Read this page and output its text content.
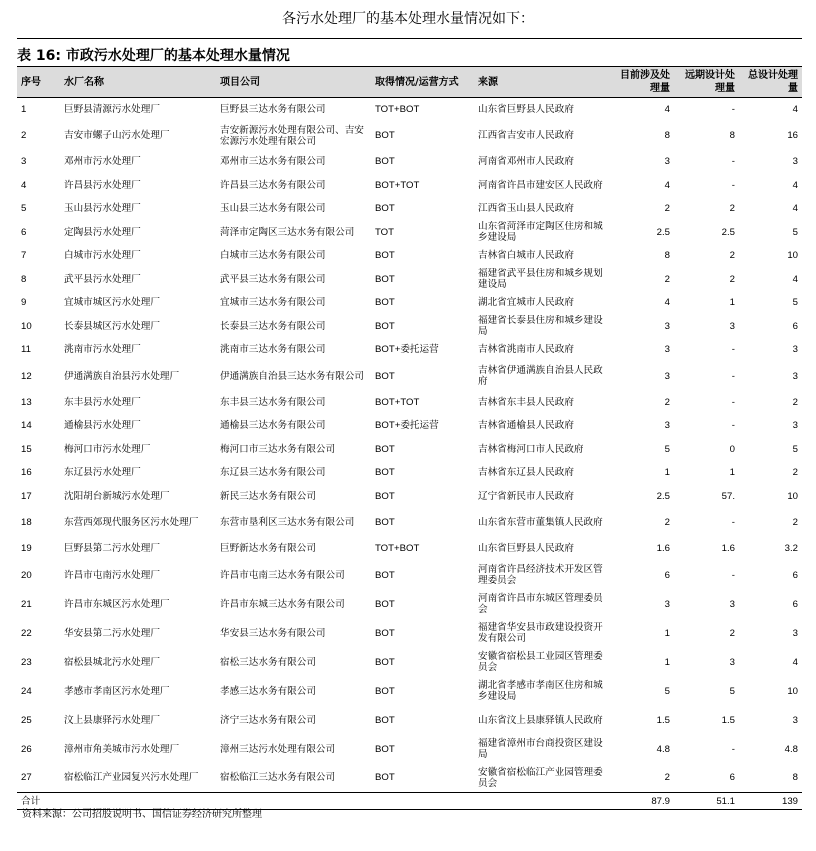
各污水处理厂的基本处理水量情况如下：
表 16: 市政污水处理厂的基本处理水量情况
序号	水厂名称	项目公司	取得情况/运营方式	来源	目前涉及处理量	远期设计处理量	总设计处理量
1	巨野县清源污水处理厂	巨野县三达水务有限公司	TOT+BOT	山东省巨野县人民政府	4	-	4
2	吉安市螺子山污水处理厂	吉安新源污水处理有限公司、吉安宏源污水处理有限公司	BOT	江西省吉安市人民政府	8	8	16
3	邓州市污水处理厂	邓州市三达水务有限公司	BOT	河南省邓州市人民政府	3	-	3
4	许昌县污水处理厂	许昌县三达水务有限公司	BOT+TOT	河南省许昌市建安区人民政府	4	-	4
5	玉山县污水处理厂	玉山县三达水务有限公司	BOT	江西省玉山县人民政府	2	2	4
6	定陶县污水处理厂	菏泽市定陶区三达水务有限公司	TOT	山东省菏泽市定陶区住房和城乡建设局	2.5	2.5	5
7	白城市污水处理厂	白城市三达水务有限公司	BOT	吉林省白城市人民政府	8	2	10
8	武平县污水处理厂	武平县三达水务有限公司	BOT	福建省武平县住房和城乡规划建设局	2	2	4
9	宜城市城区污水处理厂	宜城市三达水务有限公司	BOT	湖北省宜城市人民政府	4	1	5
10	长泰县城区污水处理厂	长泰县三达水务有限公司	BOT	福建省长泰县住房和城乡建设局	3	3	6
11	洮南市污水处理厂	洮南市三达水务有限公司	BOT+委托运营	吉林省洮南市人民政府	3	-	3
12	伊通满族自治县污水处理厂	伊通满族自治县三达水务有限公司	BOT	吉林省伊通满族自治县人民政府	3	-	3
13	东丰县污水处理厂	东丰县三达水务有限公司	BOT+TOT	吉林省东丰县人民政府	2	-	2
14	通榆县污水处理厂	通榆县三达水务有限公司	BOT+委托运营	吉林省通榆县人民政府	3	-	3
15	梅河口市污水处理厂	梅河口市三达水务有限公司	BOT	吉林省梅河口市人民政府	5	0	5
16	东辽县污水处理厂	东辽县三达水务有限公司	BOT	吉林省东辽县人民政府	1	1	2
17	沈阳胡台新城污水处理厂	新民三达水务有限公司	BOT	辽宁省新民市人民政府	2.5	57.	10
18	东营西郊现代服务区污水处理厂	东营市垦利区三达水务有限公司	BOT	山东省东营市董集镇人民政府	2	-	2
19	巨野县第二污水处理厂	巨野新达水务有限公司	TOT+BOT	山东省巨野县人民政府	1.6	1.6	3.2
20	许昌市屯南污水处理厂	许昌市屯南三达水务有限公司	BOT	河南省许昌经济技术开发区管理委员会	6	-	6
21	许昌市东城区污水处理厂	许昌市东城三达水务有限公司	BOT	河南省许昌市东城区管理委员会	3	3	6
22	华安县第二污水处理厂	华安县三达水务有限公司	BOT	福建省华安县市政建设投资开发有限公司	1	2	3
23	宿松县城北污水处理厂	宿松三达水务有限公司	BOT	安徽省宿松县工业园区管理委员会	1	3	4
24	孝感市孝南区污水处理厂	孝感三达水务有限公司	BOT	湖北省孝感市孝南区住房和城乡建设局	5	5	10
25	汶上县康驿污水处理厂	济宁三达水务有限公司	BOT	山东省汶上县康驿镇人民政府	1.5	1.5	3
26	漳州市角美城市污水处理厂	漳州三达污水处理有限公司	BOT	福建省漳州市台商投资区建设局	4.8	-	4.8
27	宿松临江产业园复兴污水处理厂	宿松临江三达水务有限公司	BOT	安徽省宿松临江产业园管理委员会	2	6	8
合计					87.9	51.1	139
资料来源：公司招股说明书、国信证券经济研究所整理
